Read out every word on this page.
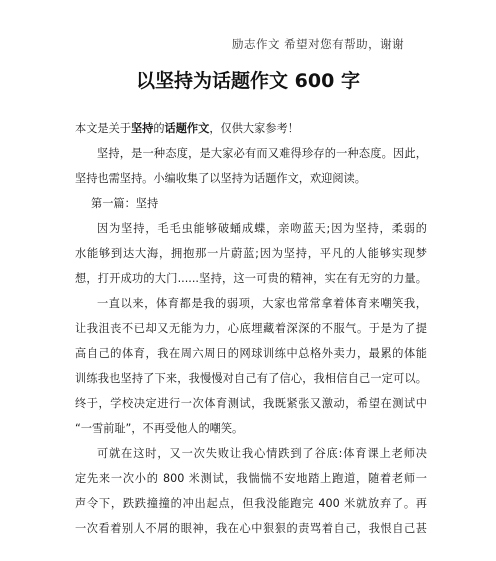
励志作文 希望对您有帮助，谢谢
以坚持为话题作文 600 字
本文是关于坚持的话题作文，仅供大家参考！
坚持，是一种态度，是大家必有而又难得珍存的一种态度。因此，
坚持也需坚持。小编收集了以坚持为话题作文，欢迎阅读。
第一篇：坚持
因为坚持，毛毛虫能够破蛹成蝶，亲吻蓝天;因为坚持，柔弱的
水能够到达大海，拥抱那一片蔚蓝;因为坚持，平凡的人能够实现梦
想，打开成功的大门......坚持，这一可贵的精神，实在有无穷的力量。
一直以来，体育都是我的弱项，大家也常常拿着体育来嘲笑我，
让我沮丧不已却又无能为力，心底埋藏着深深的不服气。于是为了提
高自己的体育，我在周六周日的网球训练中总格外卖力，最累的体能
训练我也坚持了下来，我慢慢对自己有了信心，我相信自己一定可以。
终于，学校决定进行一次体育测试，我既紧张又激动，希望在测试中
“一雪前耻”，不再受他人的嘲笑。
可就在这时，又一次失败让我心情跌到了谷底:体育课上老师决
定先来一次小的 800 米测试，我惴惴不安地踏上跑道，随着老师一
声令下，跌跌撞撞的冲出起点，但我没能跑完 400 米就放弃了。再
一次看着别人不屑的眼神，我在心中狠狠的责骂着自己，我恨自己甚
